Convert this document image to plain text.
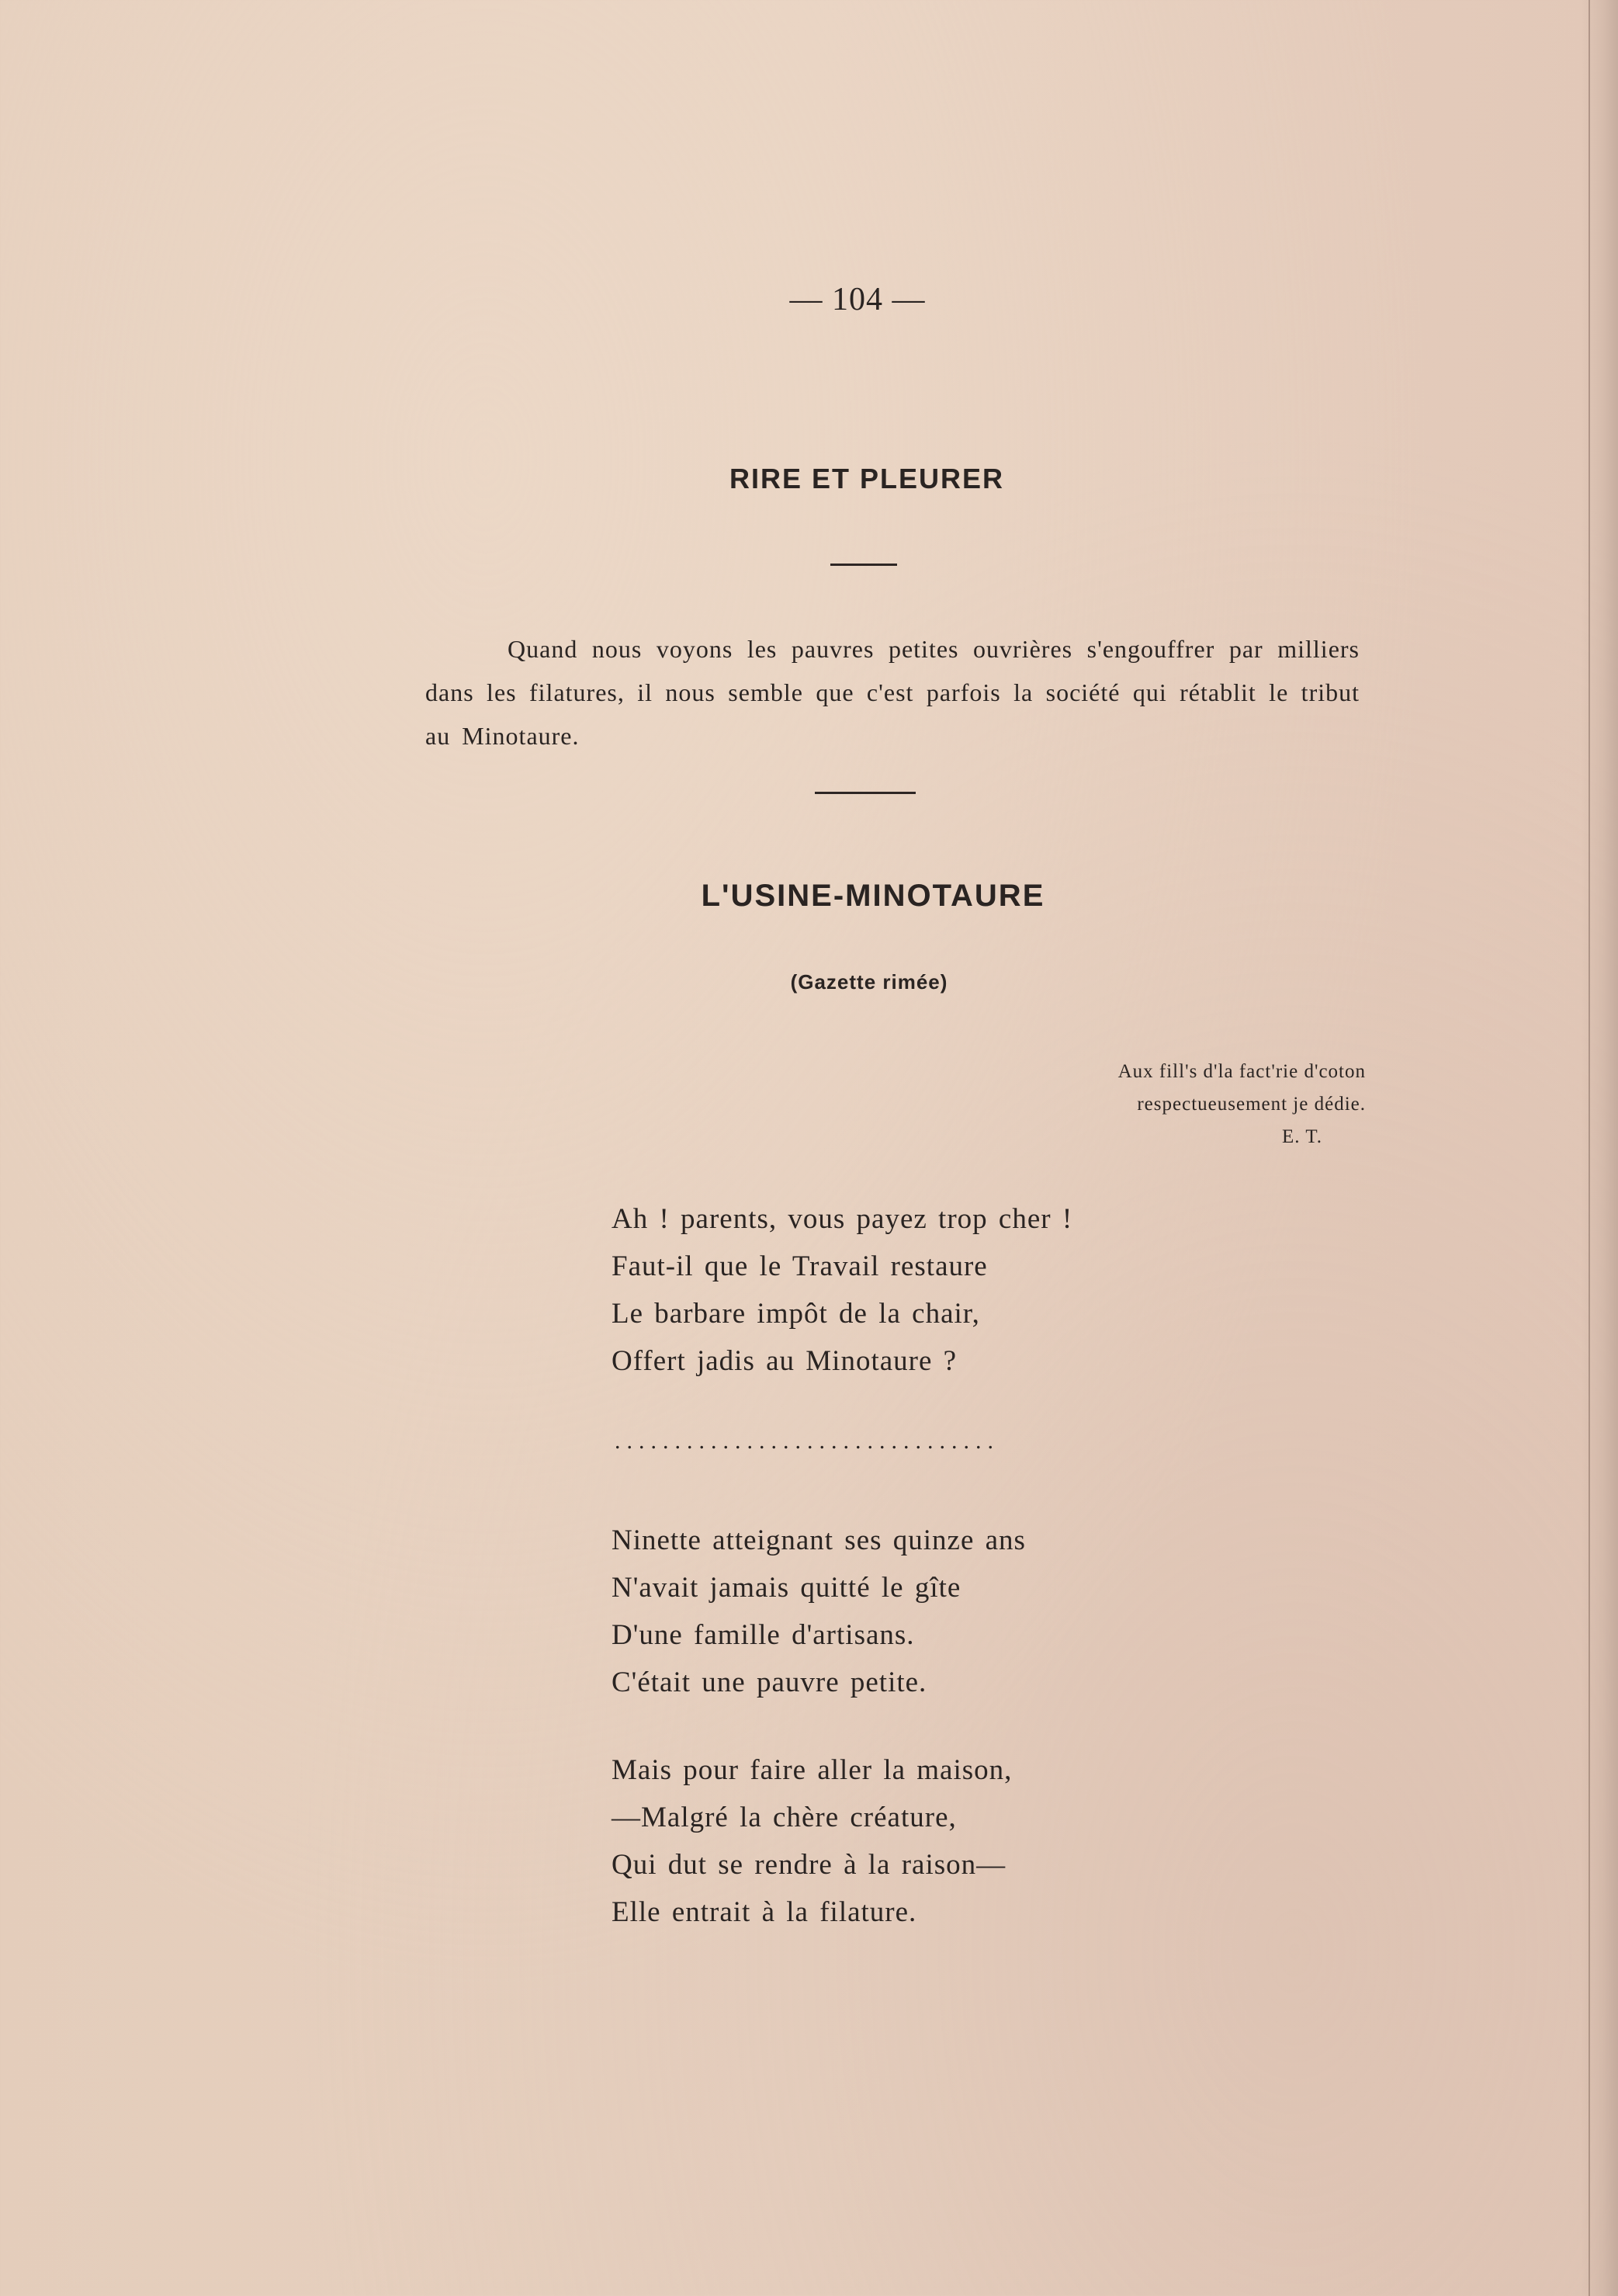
— 104 —
RIRE ET PLEURER
Quand nous voyons les pauvres petites ouvrières s'engouffrer par milliers dans les filatures, il nous semble que c'est parfois la société qui rétablit le tribut au Minotaure.
L'USINE-MINOTAURE
(Gazette rimée)
Aux fill's d'la fact'rie d'coton
respectueusement je dédie.
E. T.
Ah ! parents, vous payez trop cher !
Faut-il que le Travail restaure
Le barbare impôt de la chair,
Offert jadis au Minotaure ?
................................
Ninette atteignant ses quinze ans
N'avait jamais quitté le gîte
D'une famille d'artisans.
C'était une pauvre petite.
Mais pour faire aller la maison,
—Malgré la chère créature,
Qui dut se rendre à la raison—
Elle entrait à la filature.
